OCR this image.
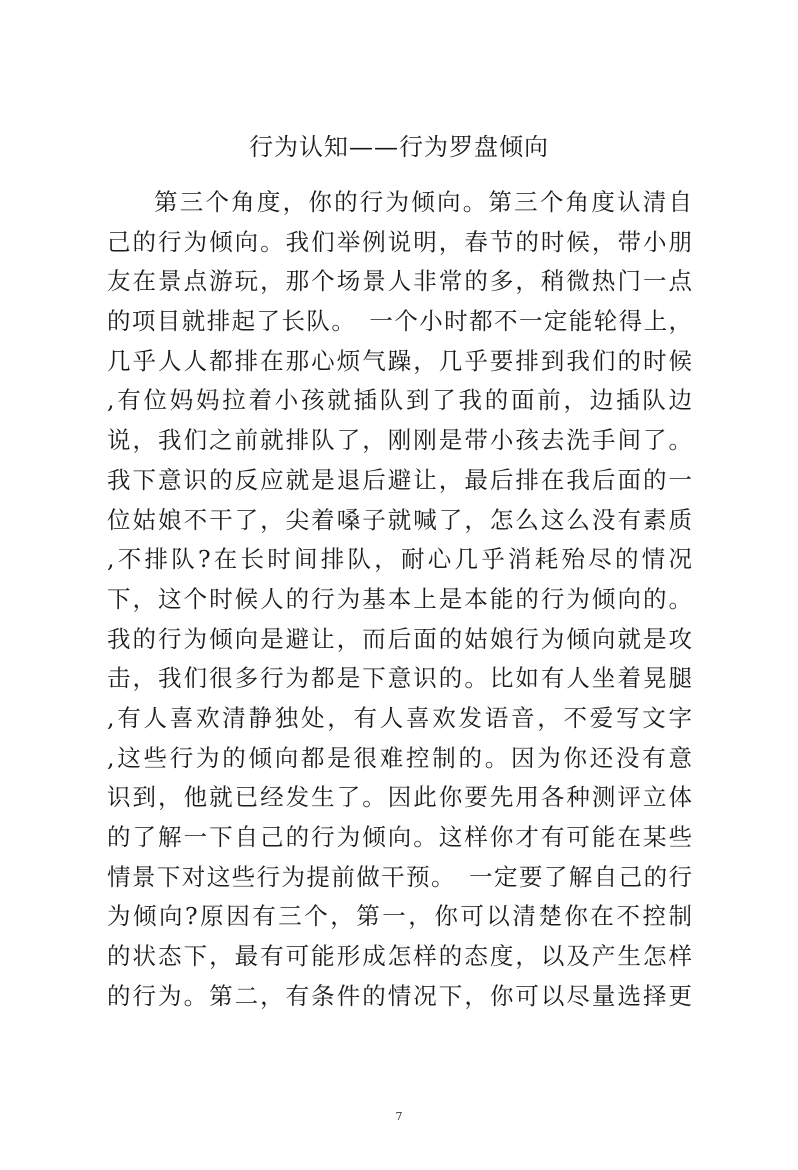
行为认知——行为罗盘倾向
第三个角度，你的行为倾向。第三个角度认清自
己的行为倾向。我们举例说明，春节的时候，带小朋
友在景点游玩，那个场景人非常的多，稍微热门一点
的项目就排起了长队。　一个小时都不一定能轮得上，
几乎人人都排在那心烦气躁，几乎要排到我们的时候
,有位妈妈拉着小孩就插队到了我的面前，边插队边
说，我们之前就排队了，刚刚是带小孩去洗手间了。
我下意识的反应就是退后避让，最后排在我后面的一
位姑娘不干了，尖着嗓子就喊了，怎么这么没有素质
,不排队?在长时间排队，耐心几乎消耗殆尽的情况
下，这个时候人的行为基本上是本能的行为倾向的。
我的行为倾向是避让，而后面的姑娘行为倾向就是攻
击，我们很多行为都是下意识的。比如有人坐着晃腿
,有人喜欢清静独处，有人喜欢发语音，不爱写文字
,这些行为的倾向都是很难控制的。因为你还没有意
识到，他就已经发生了。因此你要先用各种测评立体
的了解一下自己的行为倾向。这样你才有可能在某些
情景下对这些行为提前做干预。　一定要了解自己的行
为倾向?原因有三个，第一，你可以清楚你在不控制
的状态下，最有可能形成怎样的态度，以及产生怎样
的行为。第二，有条件的情况下，你可以尽量选择更
7
